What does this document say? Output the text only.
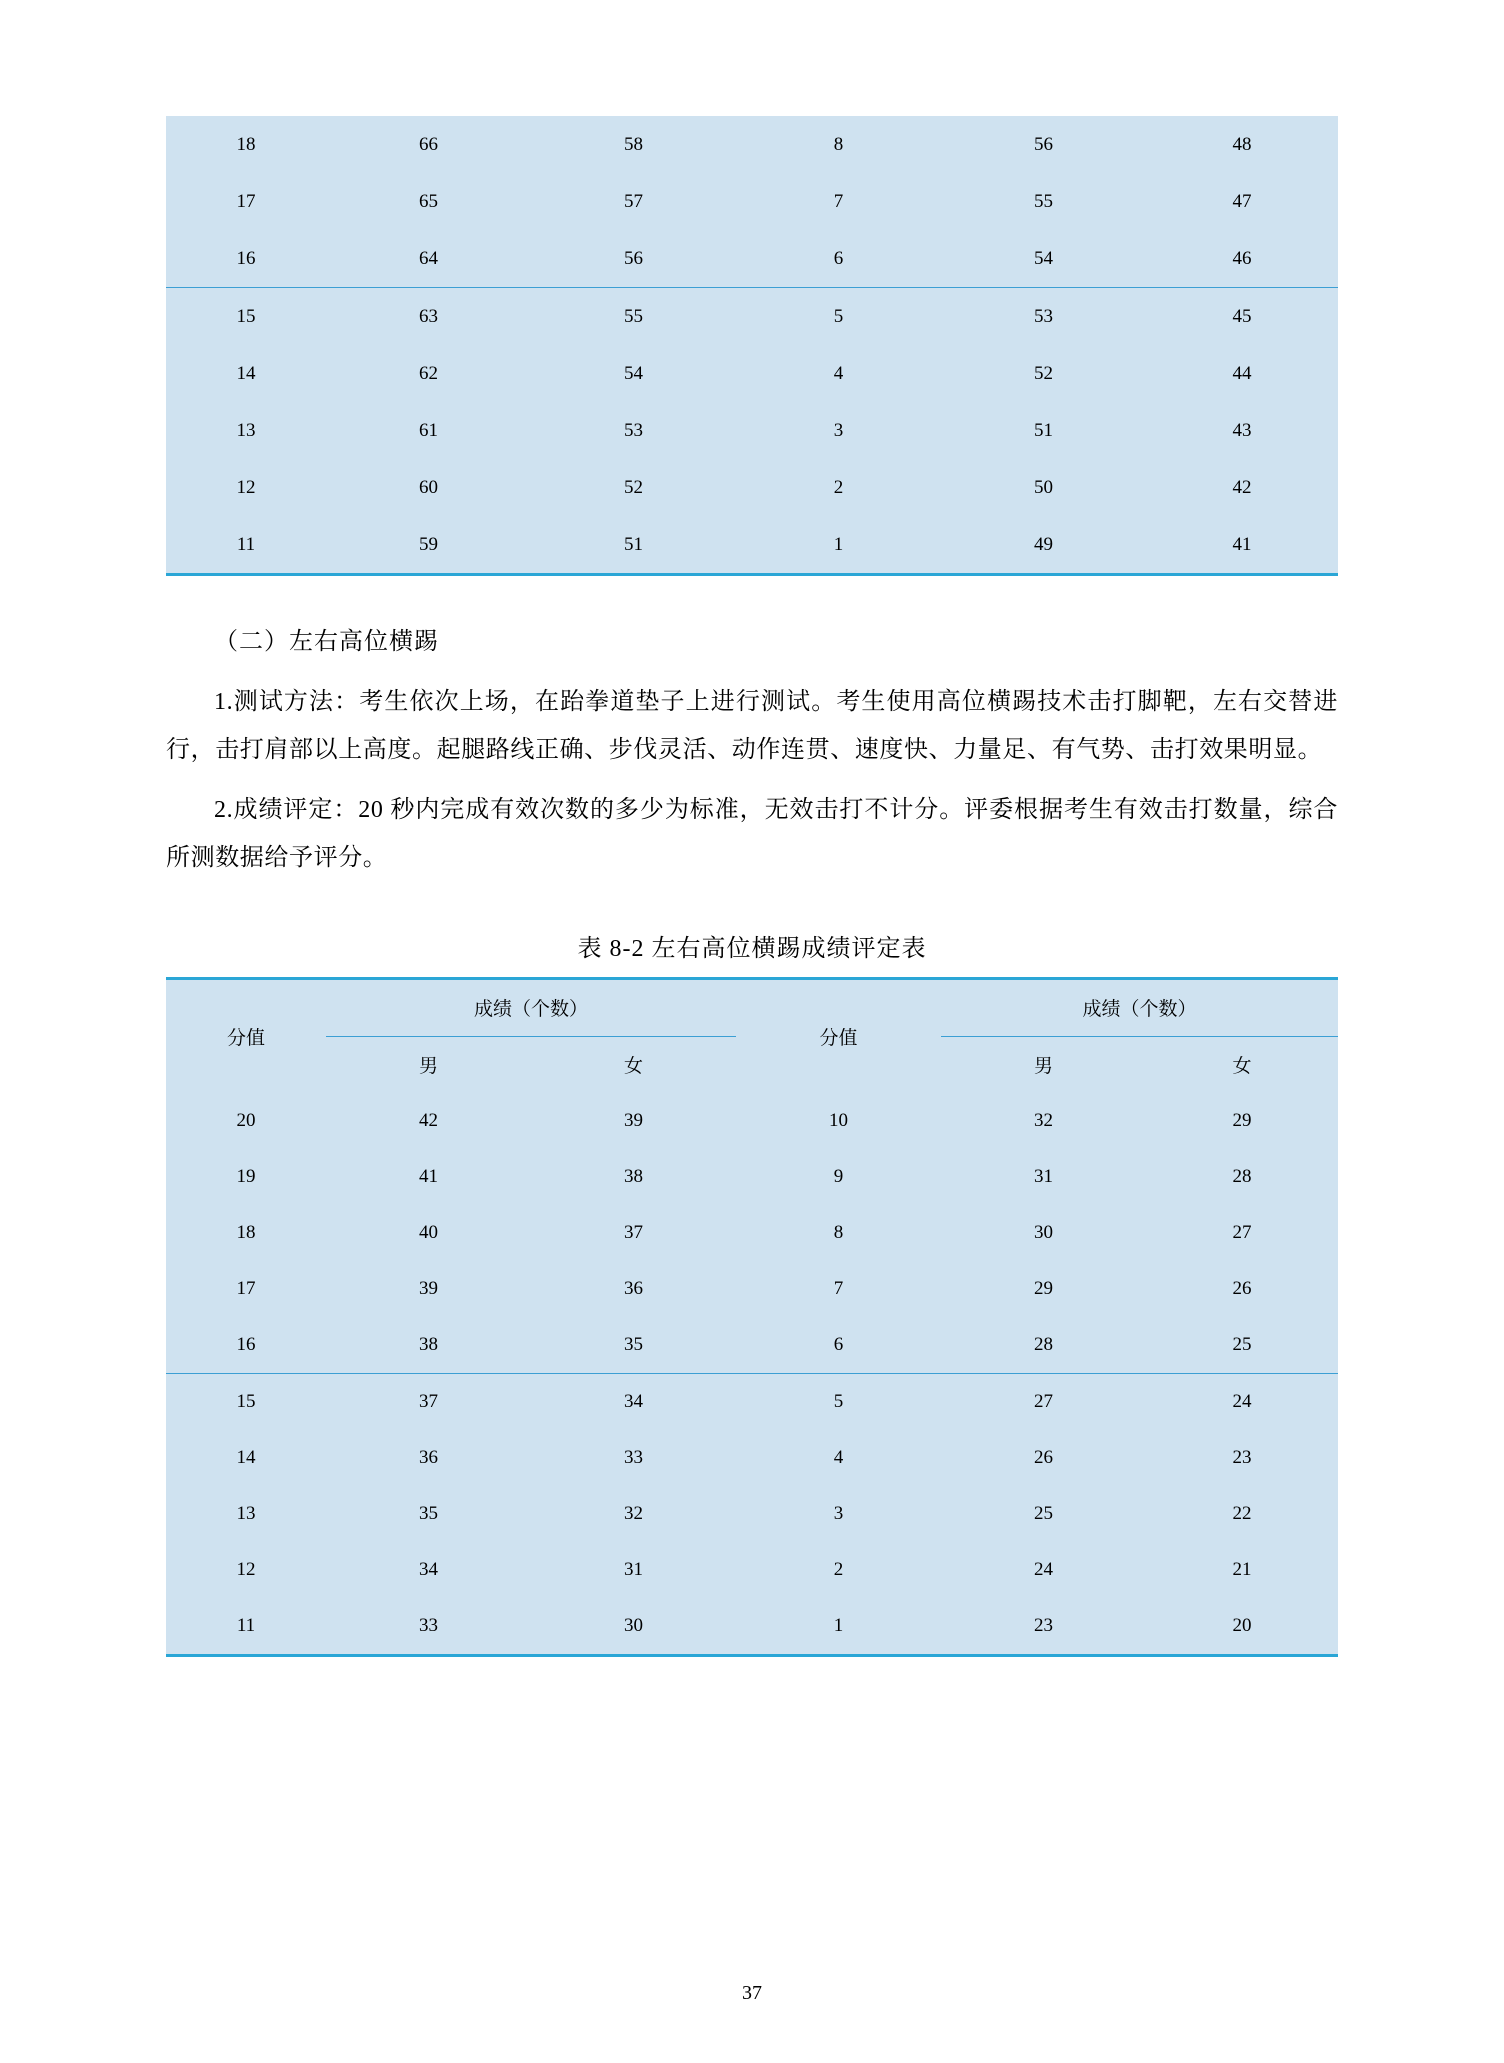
18	66	58	8	56	48
17	65	57	7	55	47
16	64	56	6	54	46
15	63	55	5	53	45
14	62	54	4	52	44
13	61	53	3	51	43
12	60	52	2	50	42
11	59	51	1	49	41

（二）左右高位横踢

1.测试方法：考生依次上场，在跆拳道垫子上进行测试。考生使用高位横踢技术击打脚靶，左右交替进行，击打肩部以上高度。起腿路线正确、步伐灵活、动作连贯、速度快、力量足、有气势、击打效果明显。

2.成绩评定：20 秒内完成有效次数的多少为标准，无效击打不计分。评委根据考生有效击打数量，综合所测数据给予评分。

表 8-2 左右高位横踢成绩评定表

分值	成绩（个数）		分值	成绩（个数）	
	男	女		男	女
20	42	39	10	32	29
19	41	38	9	31	28
18	40	37	8	30	27
17	39	36	7	29	26
16	38	35	6	28	25
15	37	34	5	27	24
14	36	33	4	26	23
13	35	32	3	25	22
12	34	31	2	24	21
11	33	30	1	23	20
37
